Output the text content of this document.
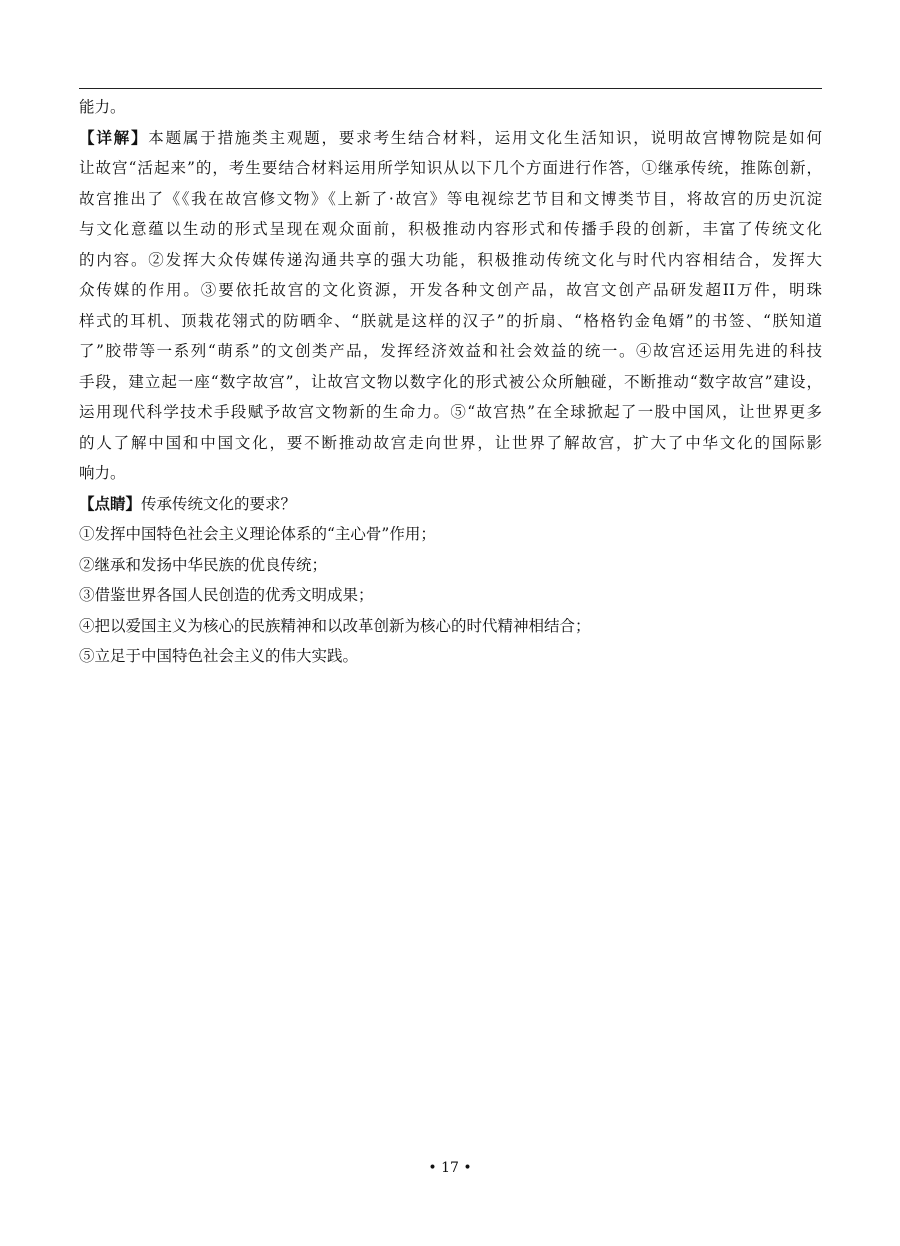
能力。
【详解】本题属于措施类主观题，要求考生结合材料，运用文化生活知识，说明故宫博物院是如何
让故宫“活起来”的，考生要结合材料运用所学知识从以下几个方面进行作答，①继承传统，推陈创新，
故宫推出了《《我在故宫修文物》《上新了·故宫》等电视综艺节目和文博类节目，将故宫的历史沉淀
与文化意蕴以生动的形式呈现在观众面前，积极推动内容形式和传播手段的创新，丰富了传统文化
的内容。②发挥大众传媒传递沟通共享的强大功能，积极推动传统文化与时代内容相结合，发挥大
众传媒的作用。③要依托故宫的文化资源，开发各种文创产品，故宫文创产品研发超II万件，明珠
样式的耳机、顶栽花翎式的防晒伞、“朕就是这样的汉子”的折扇、“格格钓金龟婿”的书签、“朕知道
了”胶带等一系列“萌系”的文创类产品，发挥经济效益和社会效益的统一。④故宫还运用先进的科技
手段，建立起一座“数字故宫”，让故宫文物以数字化的形式被公众所触碰，不断推动“数字故宫”建设，
运用现代科学技术手段赋予故宫文物新的生命力。⑤“故宫热”在全球掀起了一股中国风，让世界更多
的人了解中国和中国文化，要不断推动故宫走向世界，让世界了解故宫，扩大了中华文化的国际影
响力。
【点睛】传承传统文化的要求？
①发挥中国特色社会主义理论体系的“主心骨”作用；
②继承和发扬中华民族的优良传统；
③借鉴世界各国人民创造的优秀文明成果；
④把以爱国主义为核心的民族精神和以改革创新为核心的时代精神相结合；
⑤立足于中国特色社会主义的伟大实践。
• 17 •
